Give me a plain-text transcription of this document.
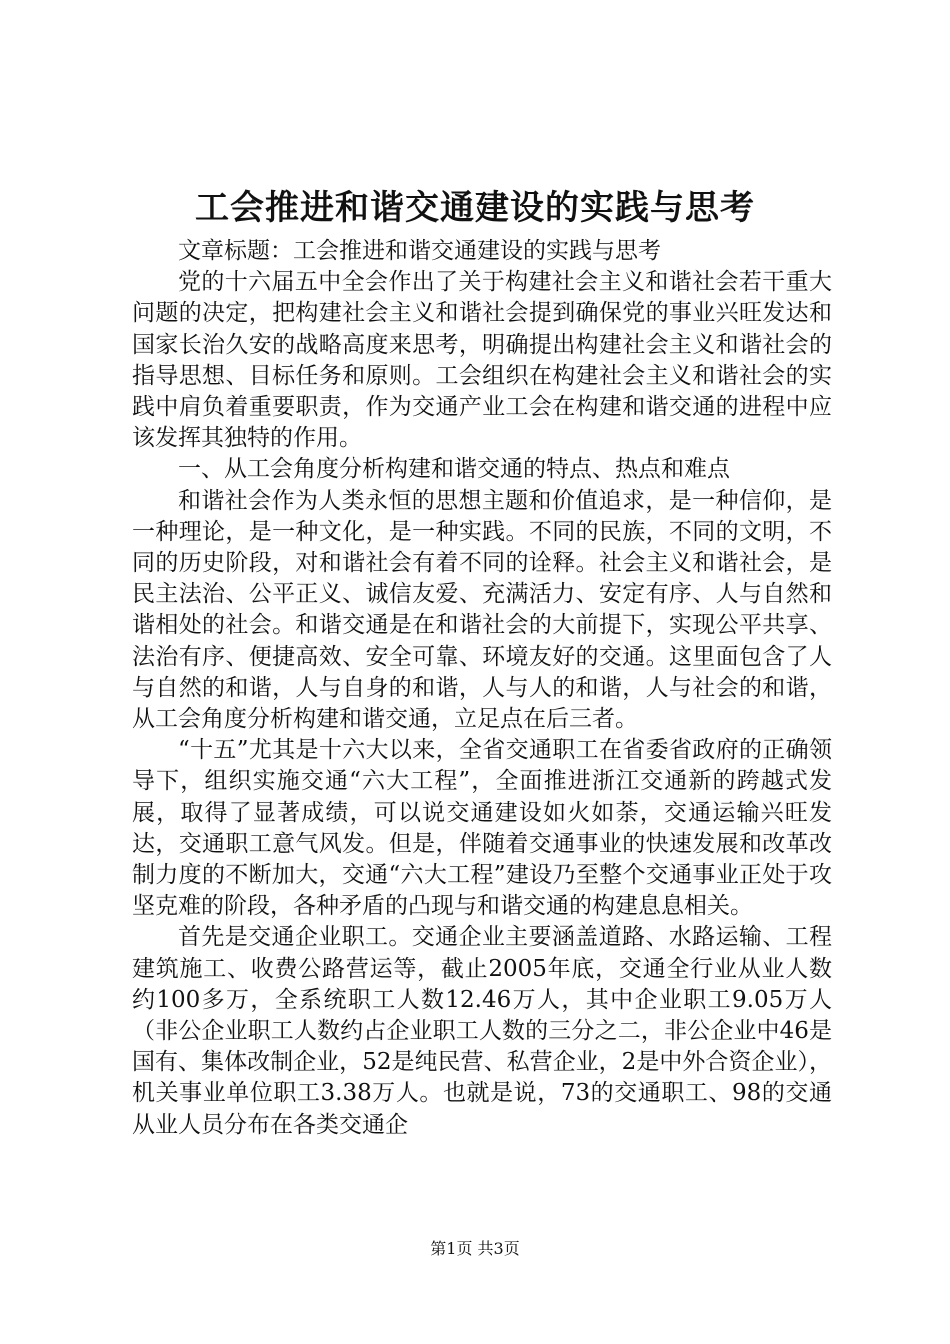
工会推进和谐交通建设的实践与思考

文章标题：工会推进和谐交通建设的实践与思考

党的十六届五中全会作出了关于构建社会主义和谐社会若干重大问题的决定，把构建社会主义和谐社会提到确保党的事业兴旺发达和国家长治久安的战略高度来思考，明确提出构建社会主义和谐社会的指导思想、目标任务和原则。工会组织在构建社会主义和谐社会的实践中肩负着重要职责，作为交通产业工会在构建和谐交通的进程中应该发挥其独特的作用。

一、从工会角度分析构建和谐交通的特点、热点和难点

和谐社会作为人类永恒的思想主题和价值追求，是一种信仰，是一种理论，是一种文化，是一种实践。不同的民族，不同的文明，不同的历史阶段，对和谐社会有着不同的诠释。社会主义和谐社会，是民主法治、公平正义、诚信友爱、充满活力、安定有序、人与自然和谐相处的社会。和谐交通是在和谐社会的大前提下，实现公平共享、法治有序、便捷高效、安全可靠、环境友好的交通。这里面包含了人与自然的和谐，人与自身的和谐，人与人的和谐，人与社会的和谐，从工会角度分析构建和谐交通，立足点在后三者。

“十五”尤其是十六大以来，全省交通职工在省委省政府的正确领导下，组织实施交通“六大工程”，全面推进浙江交通新的跨越式发展，取得了显著成绩，可以说交通建设如火如荼，交通运输兴旺发达，交通职工意气风发。但是，伴随着交通事业的快速发展和改革改制力度的不断加大，交通“六大工程”建设乃至整个交通事业正处于攻坚克难的阶段，各种矛盾的凸现与和谐交通的构建息息相关。

首先是交通企业职工。交通企业主要涵盖道路、水路运输、工程建筑施工、收费公路营运等，截止2005年底，交通全行业从业人数约100多万，全系统职工人数12.46万人，其中企业职工9.05万人（非公企业职工人数约占企业职工人数的三分之二，非公企业中46是国有、集体改制企业，52是纯民营、私营企业，2是中外合资企业），机关事业单位职工3.38万人。也就是说，73的交通职工、98的交通从业人员分布在各类交通企

第1页 共3页
